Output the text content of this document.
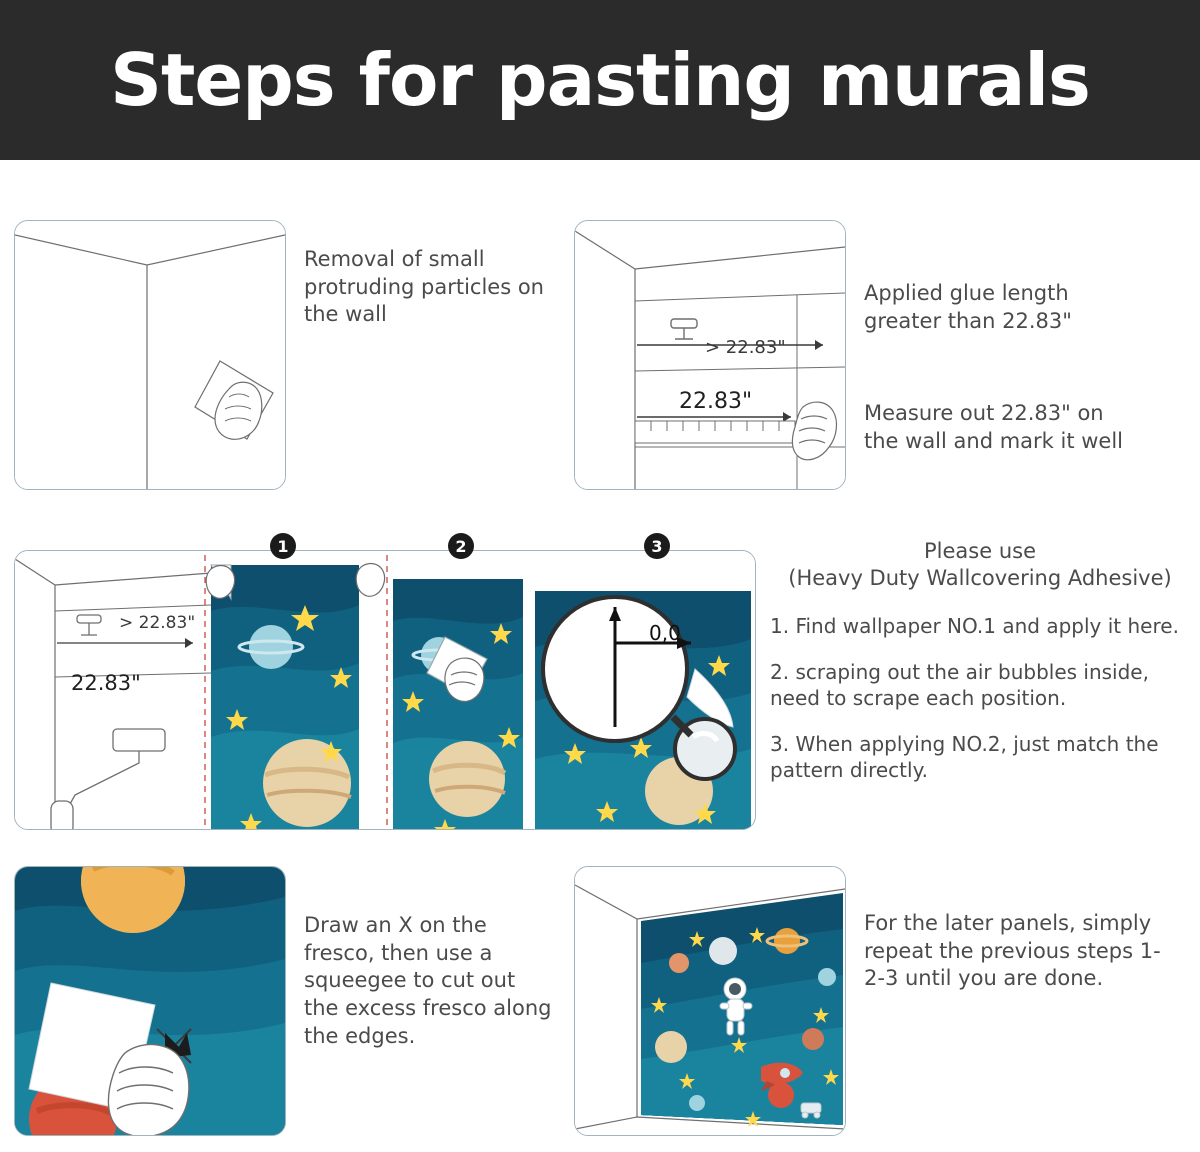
Steps for pasting murals
Removal of small protruding particles on the wall
> 22.83"
22.83"
Applied glue length greater than 22.83"
Measure out 22.83" on the wall and mark it well
> 22.83"
22.83"
0,0
1	2	3	Please use
(Heavy Duty Wallcovering Adhesive)
1. Find wallpaper NO.1 and apply it here.
2. scraping out the air bubbles inside, need to scrape each position.
3. When applying NO.2, just match the pattern directly.
Draw an X on the fresco, then use a squeegee to cut out the excess fresco along the edges.
For the later panels, simply repeat the previous steps 1-2-3 until you are done.
